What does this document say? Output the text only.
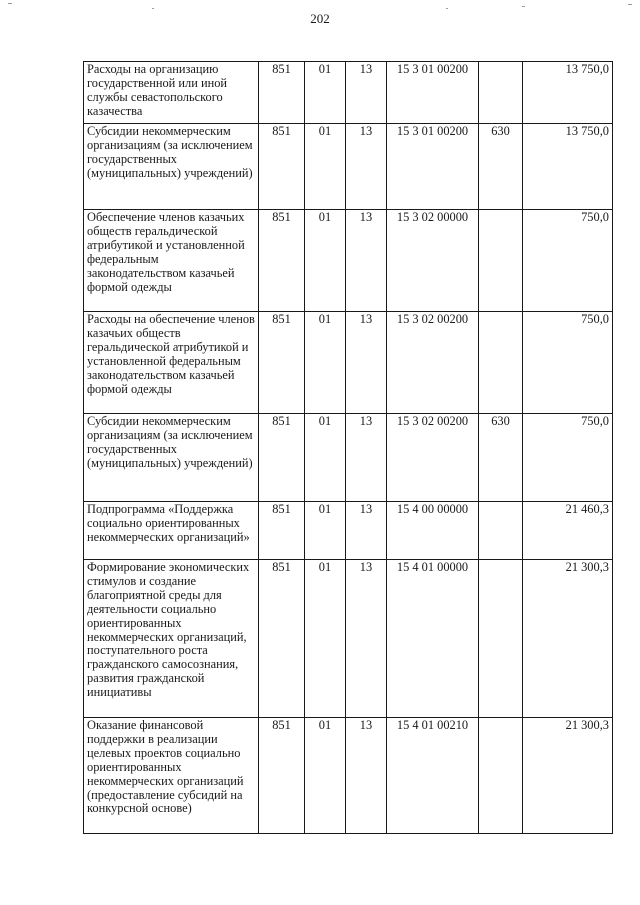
202
Расходы на организацию государственной или иной службы севастопольского казачества	851	01	13	15 3 01 00200		13 750,0
Субсидии некоммерческим организациям (за исключением государственных (муниципальных) учреждений)	851	01	13	15 3 01 00200	630	13 750,0
Обеспечение членов казачьих обществ геральдической атрибутикой и установленной федеральным законодательством казачьей формой одежды	851	01	13	15 3 02 00000		750,0
Расходы на обеспечение членов казачьих обществ геральдической атрибутикой и установленной федеральным законодательством казачьей формой одежды	851	01	13	15 3 02 00200		750,0
Субсидии некоммерческим организациям (за исключением государственных (муниципальных) учреждений)	851	01	13	15 3 02 00200	630	750,0
Подпрограмма «Поддержка социально ориентированных некоммерческих организаций»	851	01	13	15 4 00 00000		21 460,3
Формирование экономических стимулов и создание благоприятной среды для деятельности социально ориентированных некоммерческих организаций, поступательного роста гражданского самосознания, развития гражданской инициативы	851	01	13	15 4 01 00000		21 300,3
Оказание финансовой поддержки в реализации целевых проектов социально ориентированных некоммерческих организаций (предоставление субсидий на конкурсной основе)	851	01	13	15 4 01 00210		21 300,3
